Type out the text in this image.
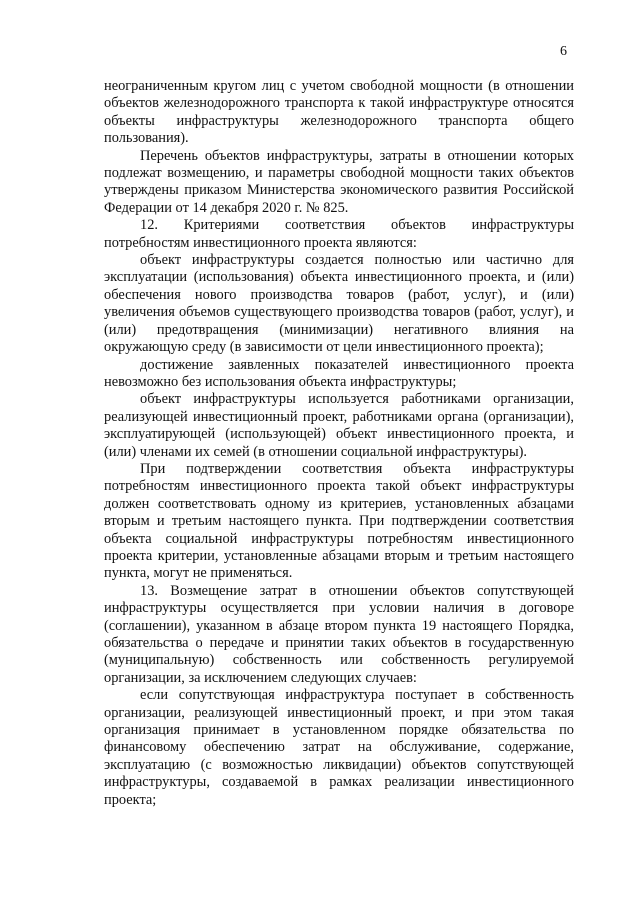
6

неограниченным кругом лиц с учетом свободной мощности (в отношении объектов железнодорожного транспорта к такой инфраструктуре относятся объекты инфраструктуры железнодорожного транспорта общего пользования).

Перечень объектов инфраструктуры, затраты в отношении которых подлежат возмещению, и параметры свободной мощности таких объектов утверждены приказом Министерства экономического развития Российской Федерации от 14 декабря 2020 г. № 825.

12. Критериями соответствия объектов инфраструктуры потребностям инвестиционного проекта являются:

объект инфраструктуры создается полностью или частично для эксплуатации (использования) объекта инвестиционного проекта, и (или) обеспечения нового производства товаров (работ, услуг), и (или) увеличения объемов существующего производства товаров (работ, услуг), и (или) предотвращения (минимизации) негативного влияния на окружающую среду (в зависимости от цели инвестиционного проекта);

достижение заявленных показателей инвестиционного проекта невозможно без использования объекта инфраструктуры;

объект инфраструктуры используется работниками организации, реализующей инвестиционный проект, работниками органа (организации), эксплуатирующей (использующей) объект инвестиционного проекта, и (или) членами их семей (в отношении социальной инфраструктуры).

При подтверждении соответствия объекта инфраструктуры потребностям инвестиционного проекта такой объект инфраструктуры должен соответствовать одному из критериев, установленных абзацами вторым и третьим настоящего пункта. При подтверждении соответствия объекта социальной инфраструктуры потребностям инвестиционного проекта критерии, установленные абзацами вторым и третьим настоящего пункта, могут не применяться.

13. Возмещение затрат в отношении объектов сопутствующей инфраструктуры осуществляется при условии наличия в договоре (соглашении), указанном в абзаце втором пункта 19 настоящего Порядка, обязательства о передаче и принятии таких объектов в государственную (муниципальную) собственность или собственность регулируемой организации, за исключением следующих случаев:

если сопутствующая инфраструктура поступает в собственность организации, реализующей инвестиционный проект, и при этом такая организация принимает в установленном порядке обязательства по финансовому обеспечению затрат на обслуживание, содержание, эксплуатацию (с возможностью ликвидации) объектов сопутствующей инфраструктуры, создаваемой в рамках реализации инвестиционного проекта;
